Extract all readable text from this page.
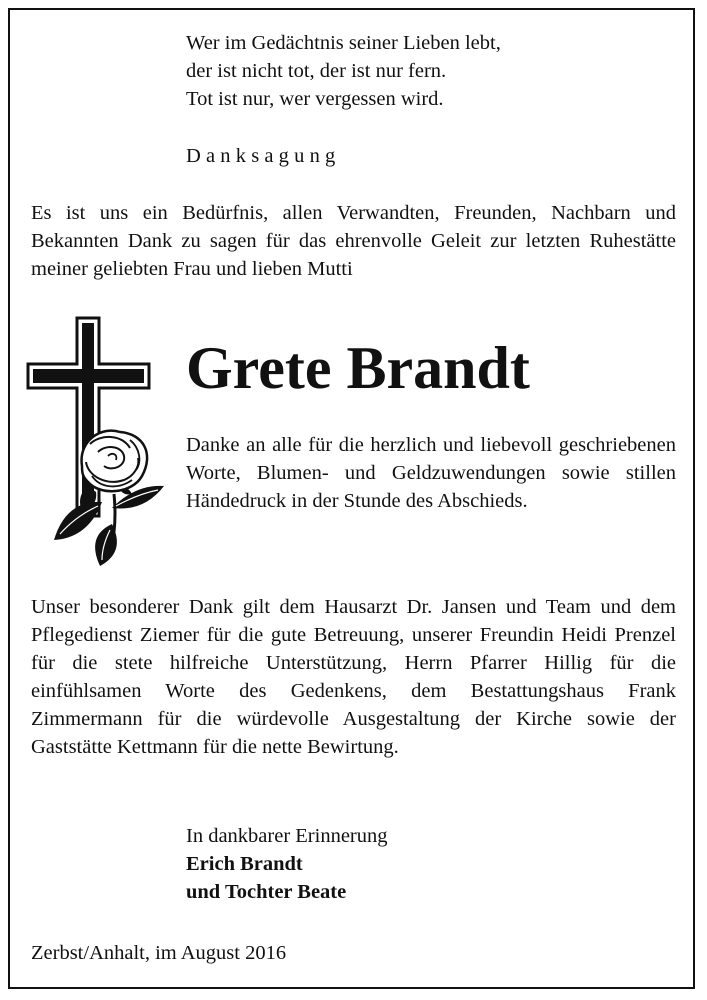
Wer im Gedächtnis seiner Lieben lebt,
der ist nicht tot, der ist nur fern.
Tot ist nur, wer vergessen wird.

Danksagung

Es ist uns ein Bedürfnis, allen Verwandten, Freunden, Nachbarn und Bekannten Dank zu sagen für das ehrenvolle Geleit zur letzten Ruhestätte meiner geliebten Frau und lieben Mutti

Grete Brandt

Danke an alle für die herzlich und liebevoll geschriebenen Worte, Blumen- und Geldzuwendungen sowie stillen Händedruck in der Stunde des Abschieds.

Unser besonderer Dank gilt dem Hausarzt Dr. Jansen und Team und dem Pflegedienst Ziemer für die gute Betreuung, unserer Freundin Heidi Prenzel für die stete hilfreiche Unterstützung, Herrn Pfarrer Hillig für die einfühlsamen Worte des Gedenkens, dem Bestattungshaus Frank Zimmermann für die würdevolle Ausgestaltung der Kirche sowie der Gaststätte Kettmann für die nette Bewirtung.

In dankbarer Erinnerung
Erich Brandt
und Tochter Beate
Zerbst/Anhalt, im August 2016
